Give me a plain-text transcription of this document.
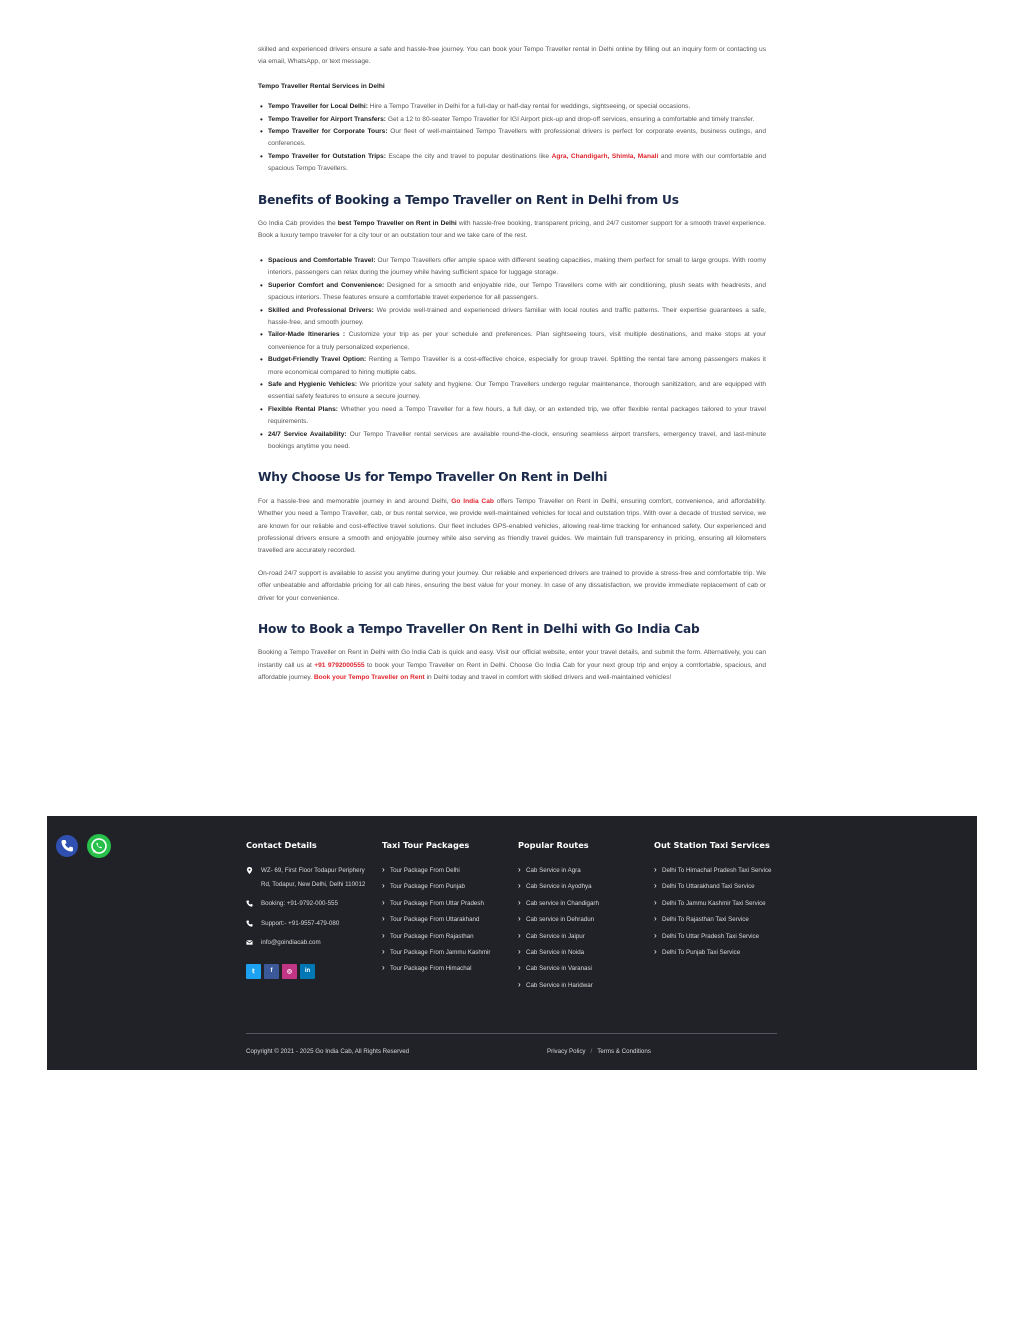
skilled and experienced drivers ensure a safe and hassle-free journey. You can book your Tempo Traveller rental in Delhi online by filling out an inquiry form or contacting us via email, WhatsApp, or text message.

Tempo Traveller Rental Services in Delhi

• Tempo Traveller for Local Delhi: Hire a Tempo Traveller in Delhi for a full-day or half-day rental for weddings, sightseeing, or special occasions.
• Tempo Traveller for Airport Transfers: Get a 12 to 80-seater Tempo Traveller for IGI Airport pick-up and drop-off services, ensuring a comfortable and timely transfer.
• Tempo Traveller for Corporate Tours: Our fleet of well-maintained Tempo Travellers with professional drivers is perfect for corporate events, business outings, and conferences.
• Tempo Traveller for Outstation Trips: Escape the city and travel to popular destinations like Agra, Chandigarh, Shimla, Manali and more with our comfortable and spacious Tempo Travellers.
Benefits of Booking a Tempo Traveller on Rent in Delhi from Us

Go India Cab provides the best Tempo Traveller on Rent in Delhi with hassle-free booking, transparent pricing, and 24/7 customer support for a smooth travel experience. Book a luxury tempo traveler for a city tour or an outstation tour and we take care of the rest.

• Spacious and Comfortable Travel: Our Tempo Travellers offer ample space with different seating capacities, making them perfect for small to large groups. With roomy interiors, passengers can relax during the journey while having sufficient space for luggage storage.
• Superior Comfort and Convenience: Designed for a smooth and enjoyable ride, our Tempo Travellers come with air conditioning, plush seats with headrests, and spacious interiors. These features ensure a comfortable travel experience for all passengers.
• Skilled and Professional Drivers: We provide well-trained and experienced drivers familiar with local routes and traffic patterns. Their expertise guarantees a safe, hassle-free, and smooth journey.
• Tailor-Made Itineraries : Customize your trip as per your schedule and preferences. Plan sightseeing tours, visit multiple destinations, and make stops at your convenience for a truly personalized experience.
• Budget-Friendly Travel Option: Renting a Tempo Traveller is a cost-effective choice, especially for group travel. Splitting the rental fare among passengers makes it more economical compared to hiring multiple cabs.
• Safe and Hygienic Vehicles: We prioritize your safety and hygiene. Our Tempo Travellers undergo regular maintenance, thorough sanitization, and are equipped with essential safety features to ensure a secure journey.
• Flexible Rental Plans: Whether you need a Tempo Traveller for a few hours, a full day, or an extended trip, we offer flexible rental packages tailored to your travel requirements.
• 24/7 Service Availability: Our Tempo Traveller rental services are available round-the-clock, ensuring seamless airport transfers, emergency travel, and last-minute bookings anytime you need.
Why Choose Us for Tempo Traveller On Rent in Delhi

For a hassle-free and memorable journey in and around Delhi, Go India Cab offers Tempo Traveller on Rent in Delhi, ensuring comfort, convenience, and affordability. Whether you need a Tempo Traveller, cab, or bus rental service, we provide well-maintained vehicles for local and outstation trips. With over a decade of trusted service, we are known for our reliable and cost-effective travel solutions. Our fleet includes GPS-enabled vehicles, allowing real-time tracking for enhanced safety. Our experienced and professional drivers ensure a smooth and enjoyable journey while also serving as friendly travel guides. We maintain full transparency in pricing, ensuring all kilometers travelled are accurately recorded.

On-road 24/7 support is available to assist you anytime during your journey. Our reliable and experienced drivers are trained to provide a stress-free and comfortable trip. We offer unbeatable and affordable pricing for all cab hires, ensuring the best value for your money. In case of any dissatisfaction, we provide immediate replacement of cab or driver for your convenience.

How to Book a Tempo Traveller On Rent in Delhi with Go India Cab

Booking a Tempo Traveller on Rent in Delhi with Go India Cab is quick and easy. Visit our official website, enter your travel details, and submit the form. Alternatively, you can instantly call us at +91 9792000555 to book your Tempo Traveller on Rent in Delhi. Choose Go India Cab for your next group trip and enjoy a comfortable, spacious, and affordable journey. Book your Tempo Traveller on Rent in Delhi today and travel in comfort with skilled drivers and well-maintained vehicles!

Contact Details
WZ- 69, First Floor Todapur Periphery Rd, Todapur, New Delhi, Delhi 110012
Booking: +91-9792-000-555
Support:- +91-9557-479-080
info@goindiacab.com
𝕥	f	◎	in
Taxi Tour Packages
› Tour Package From Delhi
› Tour Package From Punjab
› Tour Package From Uttar Pradesh
› Tour Package From Uttarakhand
› Tour Package From Rajasthan
› Tour Package From Jammu Kashmir
› Tour Package From Himachal
Popular Routes
› Cab Service in Agra
› Cab Service in Ayodhya
› Cab service in Chandigarh
› Cab service in Dehradun
› Cab Service in Jaipur
› Cab Service in Noida
› Cab Service in Varanasi
› Cab Service in Haridwar
Out Station Taxi Services
› Delhi To Himachal Pradesh Taxi Service
› Delhi To Uttarakhand Taxi Service
› Delhi To Jammu Kashmir Taxi Service
› Delhi To Rajasthan Taxi Service
› Delhi To Uttar Pradesh Taxi Service
› Delhi To Punjab Taxi Service
Copyright © 2021 - 2025 Go India Cab, All Rights Reserved	Privacy Policy / Terms & Conditions
